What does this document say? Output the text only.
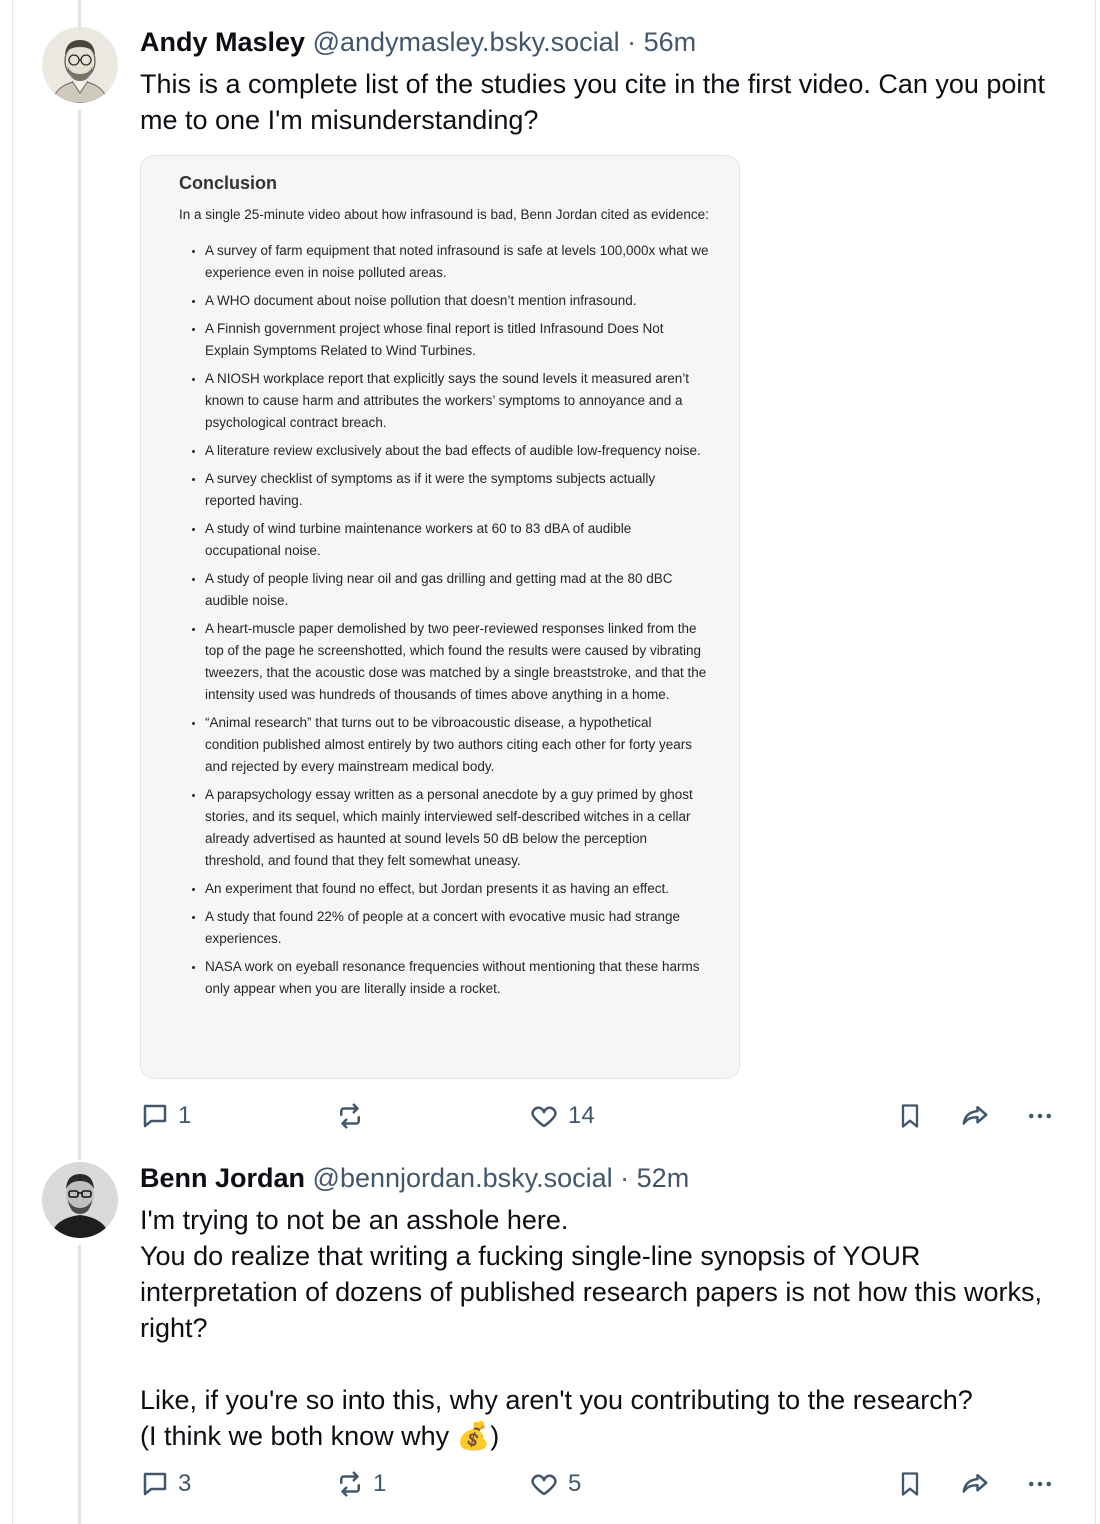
Andy Masley @andymasley.bsky.social · 56m

This is a complete list of the studies you cite in the first video. Can you point me to one I'm misunderstanding?

Conclusion
In a single 25-minute video about how infrasound is bad, Benn Jordan cited as evidence:
• A survey of farm equipment that noted infrasound is safe at levels 100,000x what we experience even in noise polluted areas.
• A WHO document about noise pollution that doesn’t mention infrasound.
• A Finnish government project whose final report is titled Infrasound Does Not Explain Symptoms Related to Wind Turbines.
• A NIOSH workplace report that explicitly says the sound levels it measured aren’t known to cause harm and attributes the workers’ symptoms to annoyance and a psychological contract breach.
• A literature review exclusively about the bad effects of audible low-frequency noise.
• A survey checklist of symptoms as if it were the symptoms subjects actually reported having.
• A study of wind turbine maintenance workers at 60 to 83 dBA of audible occupational noise.
• A study of people living near oil and gas drilling and getting mad at the 80 dBC audible noise.
• A heart-muscle paper demolished by two peer-reviewed responses linked from the top of the page he screenshotted, which found the results were caused by vibrating tweezers, that the acoustic dose was matched by a single breaststroke, and that the intensity used was hundreds of thousands of times above anything in a home.
• “Animal research” that turns out to be vibroacoustic disease, a hypothetical condition published almost entirely by two authors citing each other for forty years and rejected by every mainstream medical body.
• A parapsychology essay written as a personal anecdote by a guy primed by ghost stories, and its sequel, which mainly interviewed self-described witches in a cellar already advertised as haunted at sound levels 50 dB below the perception threshold, and found that they felt somewhat uneasy.
• An experiment that found no effect, but Jordan presents it as having an effect.
• A study that found 22% of people at a concert with evocative music had strange experiences.
• NASA work on eyeball resonance frequencies without mentioning that these harms only appear when you are literally inside a rocket.
1	14
Benn Jordan @bennjordan.bsky.social · 52m

I'm trying to not be an asshole here.

You do realize that writing a fucking single-line synopsis of YOUR interpretation of dozens of published research papers is not how this works, right?

Like, if you're so into this, why aren't you contributing to the research?

(I think we both know why 💰)

3	1	5
